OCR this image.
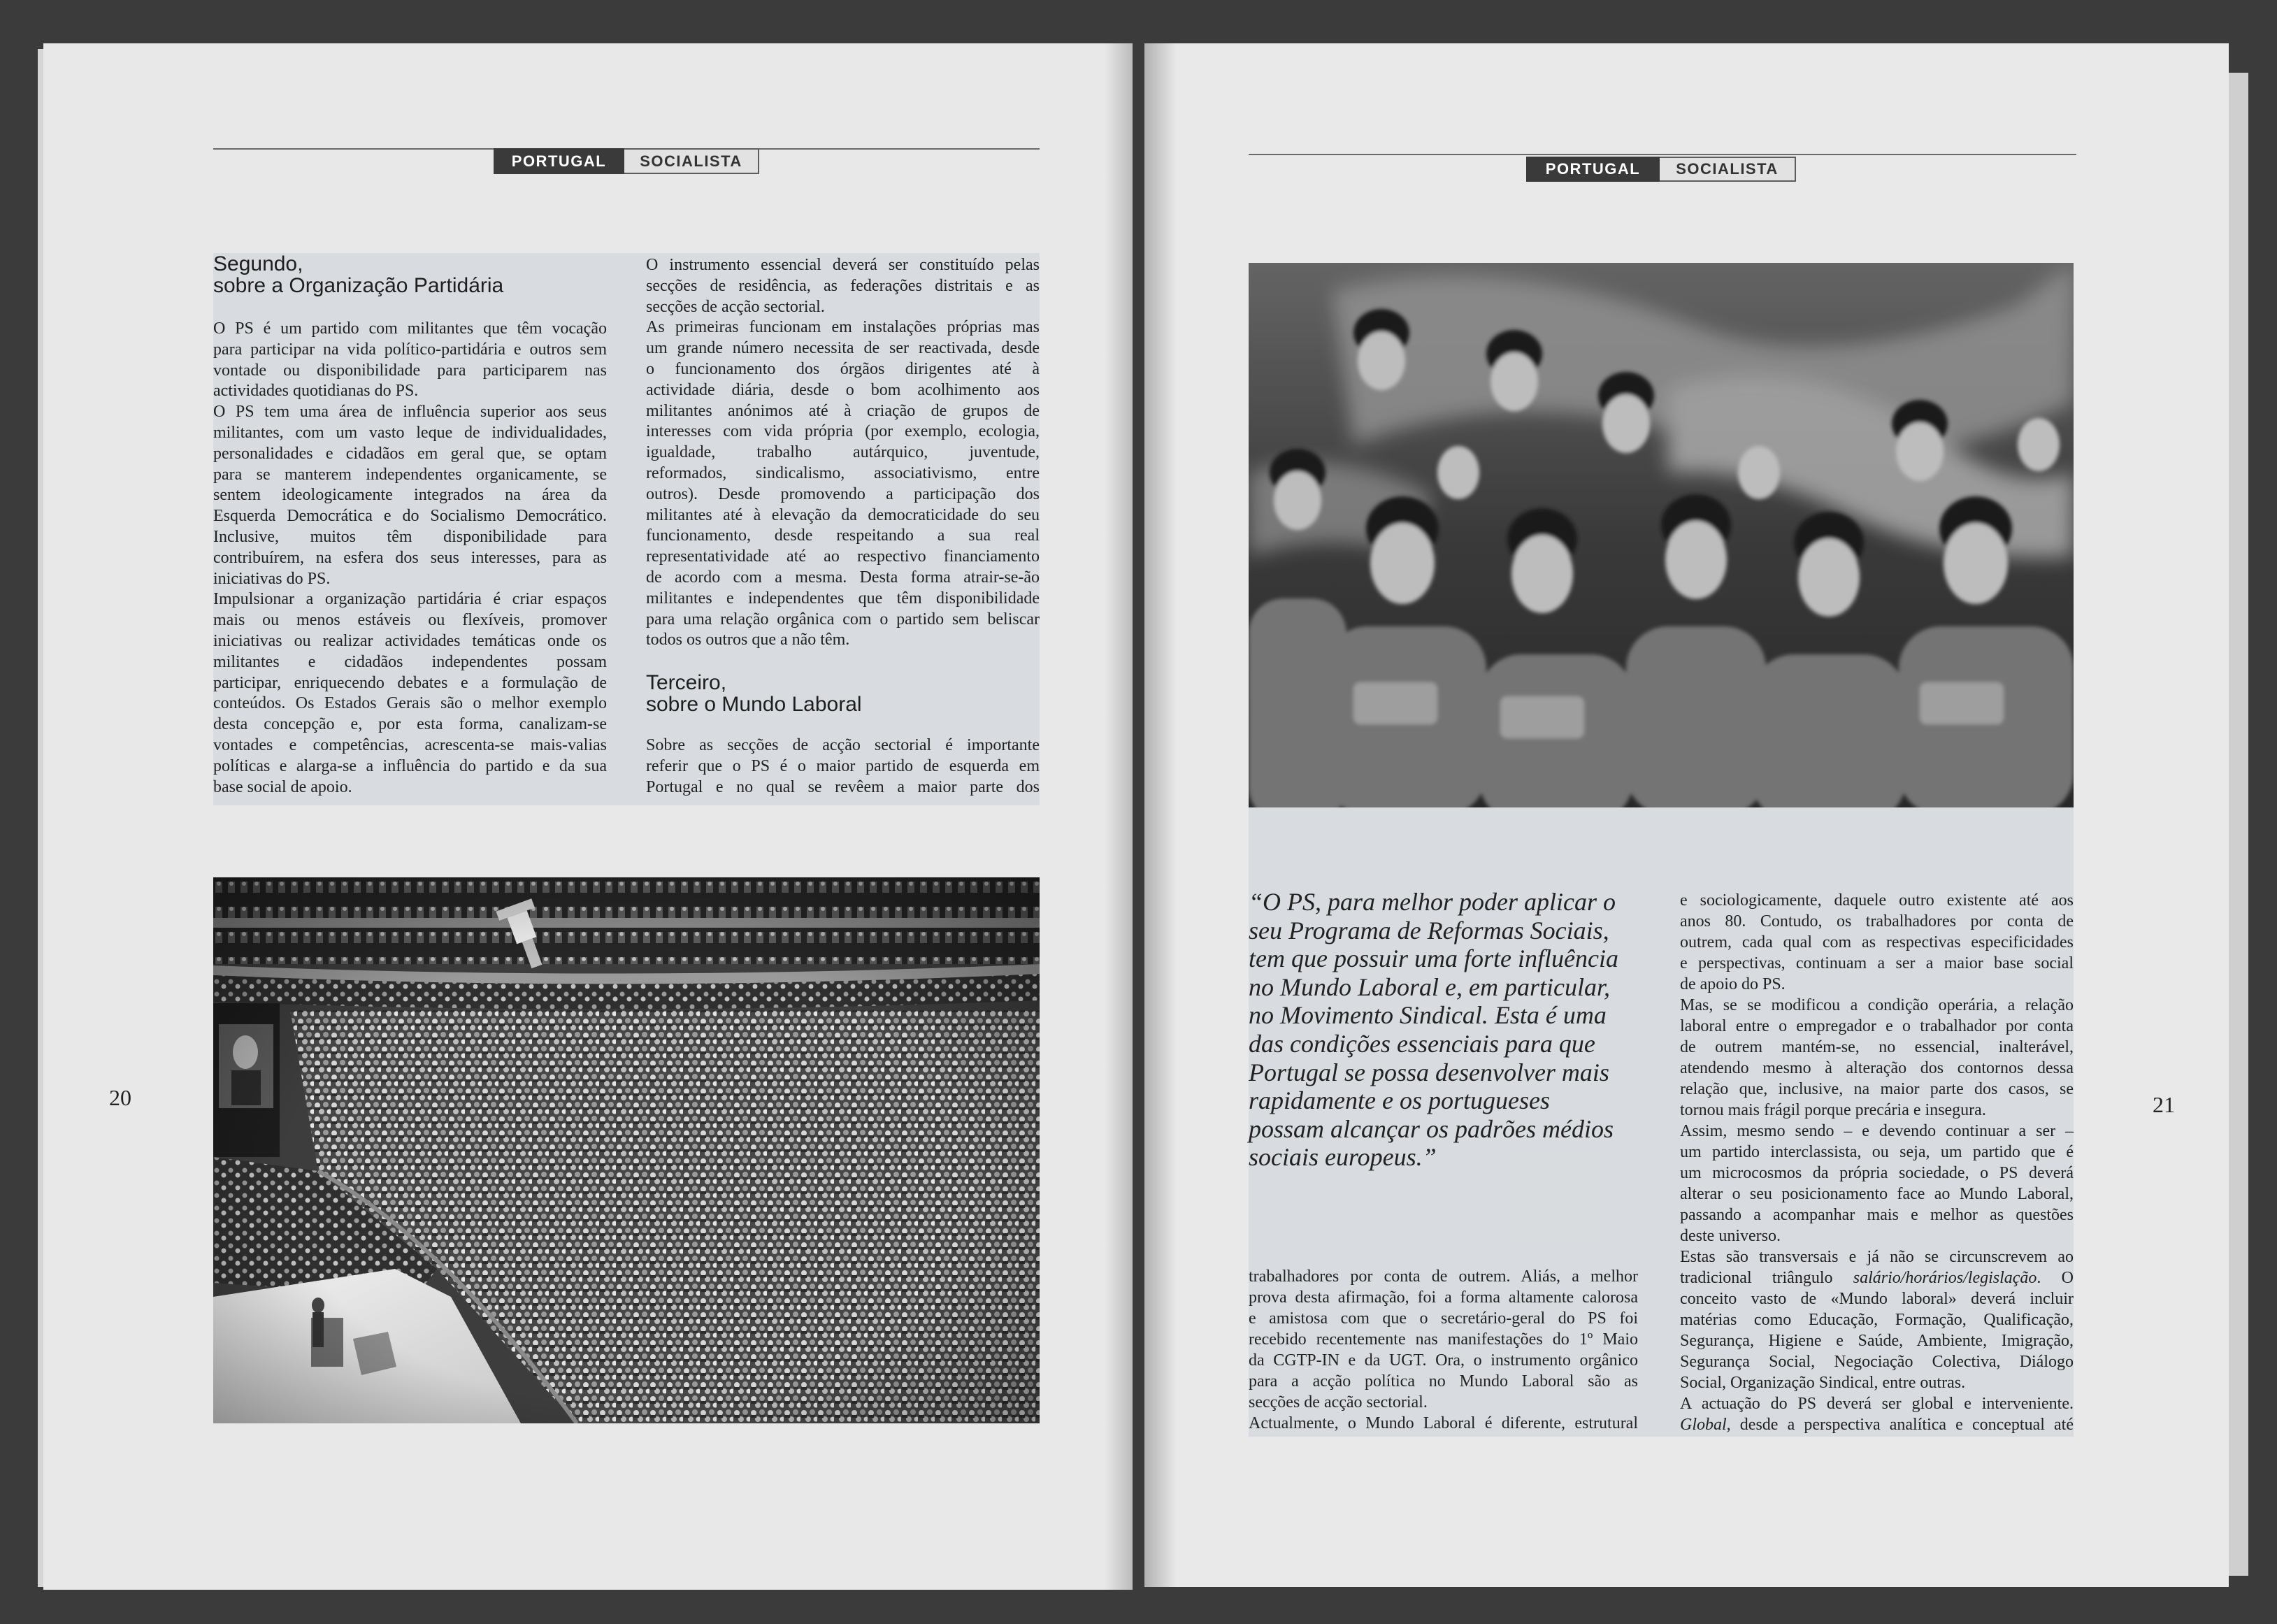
PORTUGAL	SOCIALISTA
Segundo,
sobre a Organização Partidária
O PS é um partido com militantes que têm vocação
para participar na vida político-partidária e outros sem
vontade ou disponibilidade para participarem nas
actividades quotidianas do PS.
O PS tem uma área de influência superior aos seus
militantes, com um vasto leque de individualidades,
personalidades e cidadãos em geral que, se optam
para se manterem independentes organicamente, se
sentem ideologicamente integrados na área da
Esquerda Democrática e do Socialismo Democrático.
Inclusive, muitos têm disponibilidade para
contribuírem, na esfera dos seus interesses, para as
iniciativas do PS.
Impulsionar a organização partidária é criar espaços
mais ou menos estáveis ou flexíveis, promover
iniciativas ou realizar actividades temáticas onde os
militantes e cidadãos independentes possam
participar, enriquecendo debates e a formulação de
conteúdos. Os Estados Gerais são o melhor exemplo
desta concepção e, por esta forma, canalizam-se
vontades e competências, acrescenta-se mais-valias
políticas e alarga-se a influência do partido e da sua
base social de apoio.
O instrumento essencial deverá ser constituído pelas
secções de residência, as federações distritais e as
secções de acção sectorial.
As primeiras funcionam em instalações próprias mas
um grande número necessita de ser reactivada, desde
o funcionamento dos órgãos dirigentes até à
actividade diária, desde o bom acolhimento aos
militantes anónimos até à criação de grupos de
interesses com vida própria (por exemplo, ecologia,
igualdade, trabalho autárquico, juventude,
reformados, sindicalismo, associativismo, entre
outros). Desde promovendo a participação dos
militantes até à elevação da democraticidade do seu
funcionamento, desde respeitando a sua real
representatividade até ao respectivo financiamento
de acordo com a mesma. Desta forma atrair-se-ão
militantes e independentes que têm disponibilidade
para uma relação orgânica com o partido sem beliscar
todos os outros que a não têm.
Terceiro,
sobre o Mundo Laboral
Sobre as secções de acção sectorial é importante
referir que o PS é o maior partido de esquerda em
Portugal e no qual se revêem a maior parte dos
20
PORTUGAL	SOCIALISTA
“O PS, para melhor poder aplicar o
seu Programa de Reformas Sociais,
tem que possuir uma forte influência
no Mundo Laboral e, em particular,
no Movimento Sindical. Esta é uma
das condições essenciais para que
Portugal se possa desenvolver mais
rapidamente e os portugueses
possam alcançar os padrões médios
sociais europeus.”
trabalhadores por conta de outrem. Aliás, a melhor
prova desta afirmação, foi a forma altamente calorosa
e amistosa com que o secretário-geral do PS foi
recebido recentemente nas manifestações do 1º Maio
da CGTP-IN e da UGT. Ora, o instrumento orgânico
para a acção política no Mundo Laboral são as
secções de acção sectorial.
Actualmente, o Mundo Laboral é diferente, estrutural
e sociologicamente, daquele outro existente até aos
anos 80. Contudo, os trabalhadores por conta de
outrem, cada qual com as respectivas especificidades
e perspectivas, continuam a ser a maior base social
de apoio do PS.
Mas, se se modificou a condição operária, a relação
laboral entre o empregador e o trabalhador por conta
de outrem mantém-se, no essencial, inalterável,
atendendo mesmo à alteração dos contornos dessa
relação que, inclusive, na maior parte dos casos, se
tornou mais frágil porque precária e insegura.
Assim, mesmo sendo – e devendo continuar a ser –
um partido interclassista, ou seja, um partido que é
um microcosmos da própria sociedade, o PS deverá
alterar o seu posicionamento face ao Mundo Laboral,
passando a acompanhar mais e melhor as questões
deste universo.
Estas são transversais e já não se circunscrevem ao
tradicional triângulo salário/horários/legislação. O
conceito vasto de «Mundo laboral» deverá incluir
matérias como Educação, Formação, Qualificação,
Segurança, Higiene e Saúde, Ambiente, Imigração,
Segurança Social, Negociação Colectiva, Diálogo
Social, Organização Sindical, entre outras.
A actuação do PS deverá ser global e interveniente.
Global, desde a perspectiva analítica e conceptual até
21
